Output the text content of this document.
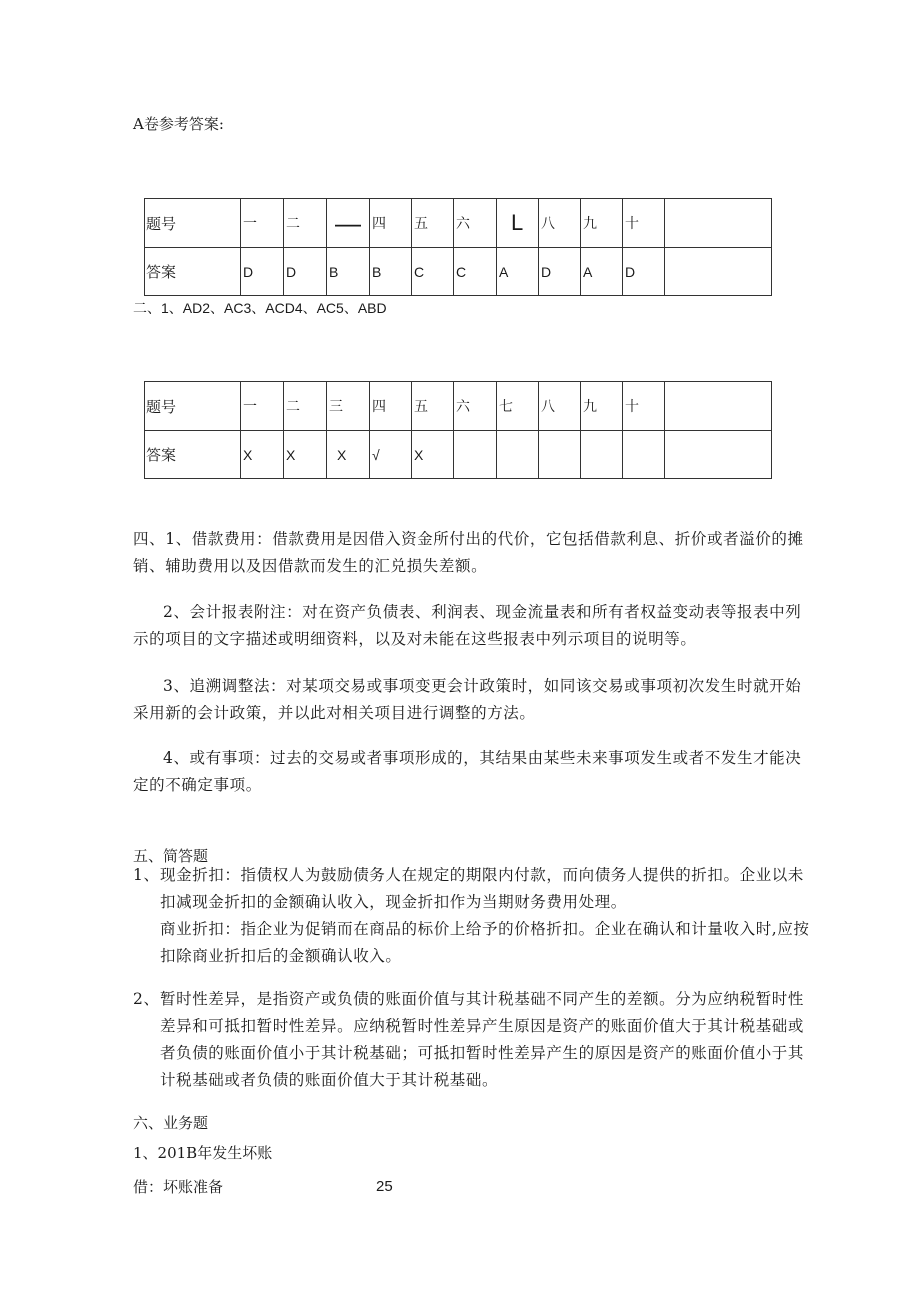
A卷参考答案:
题号	一	二	—	四	五	六	L	八	九	十	
答案	D	D	B	B	C	C	A	D	A	D	
二、1、AD2、AC3、ACD4、AC5、ABD
题号	一	二	三	四	五	六	七	八	九	十	
答案	X	X	X	√	X						
四、1、借款费用：借款费用是因借入资金所付出的代价，它包括借款利息、折价或者溢价的摊
销、辅助费用以及因借款而发生的汇兑损失差额。
2、会计报表附注：对在资产负债表、利润表、现金流量表和所有者权益变动表等报表中列
示的项目的文字描述或明细资料，以及对未能在这些报表中列示项目的说明等。
3、追溯调整法：对某项交易或事项变更会计政策时，如同该交易或事项初次发生时就开始
采用新的会计政策，并以此对相关项目进行调整的方法。
4、或有事项：过去的交易或者事项形成的，其结果由某些未来事项发生或者不发生才能决
定的不确定事项。
五、简答题
1、 现金折扣：指债权人为鼓励债务人在规定的期限内付款，而向债务人提供的折扣。企业以未
扣减现金折扣的金额确认收入，现金折扣作为当期财务费用处理。
商业折扣：指企业为促销而在商品的标价上给予的价格折扣。企业在确认和计量收入时,应按
扣除商业折扣后的金额确认收入。
2、 暂时性差异，是指资产或负债的账面价值与其计税基础不同产生的差额。分为应纳税暂时性
差异和可抵扣暂时性差异。应纳税暂时性差异产生原因是资产的账面价值大于其计税基础或
者负债的账面价值小于其计税基础；可抵扣暂时性差异产生的原因是资产的账面价值小于其
计税基础或者负债的账面价值大于其计税基础。
六、业务题
1、201B年发生坏账
借：坏账准备	25
